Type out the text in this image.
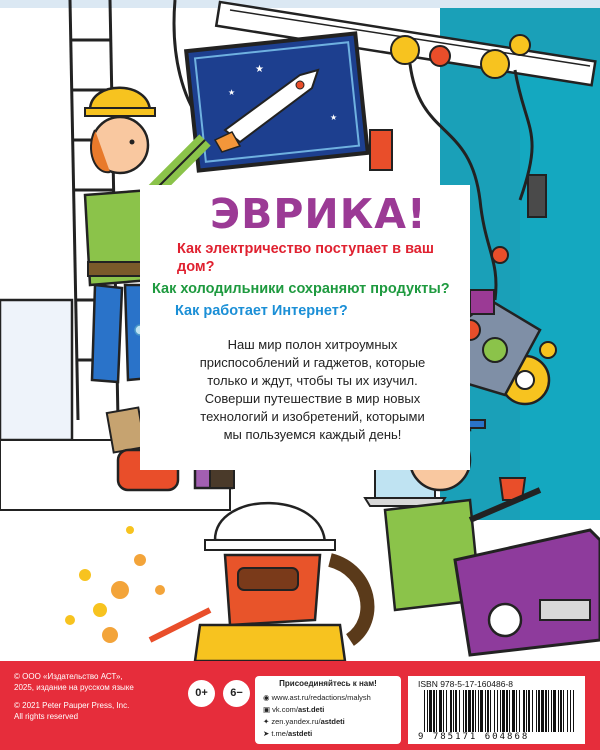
★
★
★
ЭВРИКА!
Как электричество поступает в ваш дом?
Как холодильники сохраняют продукты?
Как работает Интернет?
Наш мир полон хитроумных приспособлений и гаджетов, которые только и ждут, чтобы ты их изучил. Соверши путешествие в мир новых технологий и изобретений, которыми мы пользуемся каждый день!
© ООО «Издательство АСТ», 2025, издание на русском языке
© 2021 Peter Pauper Press, Inc. All rights reserved
0+	6−
Присоединяйтесь к нам!
◉ www.ast.ru/redactions/malysh
▣ vk.com/ast.deti
✦ zen.yandex.ru/astdeti
➤ t.me/astdeti
ISBN 978-5-17-160486-8
9 785171 604868
